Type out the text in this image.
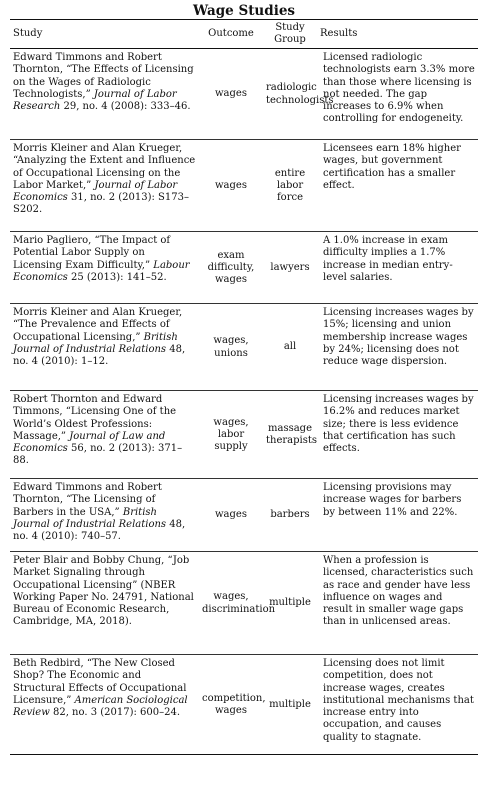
Wage Studies
Study	Outcome	Study Group	Results
Edward Timmons and Robert Thornton, “The Effects of Licensing on the Wages of Radiologic Technologists,” Journal of Labor Research 29, no. 4 (2008): 333–46.	wages	radiologic technologists	Licensed radiologic technologists earn 3.3% more than those where licensing is not needed. The gap increases to 6.9% when controlling for endogeneity.
Morris Kleiner and Alan Krueger, “Analyzing the Extent and Influence of Occupational Licensing on the Labor Market,” Journal of Labor Economics 31, no. 2 (2013): S173–S202.	wages	entire labor force	Licensees earn 18% higher wages, but government certification has a smaller effect.
Mario Pagliero, “The Impact of Potential Labor Supply on Licensing Exam Difficulty,” Labour Economics 25 (2013): 141–52.	exam difficulty, wages	lawyers	A 1.0% increase in exam difficulty implies a 1.7% increase in median entry-level salaries.
Morris Kleiner and Alan Krueger, “The Prevalence and Effects of Occupational Licensing,” British Journal of Industrial Relations 48, no. 4 (2010): 1–12.	wages, unions	all	Licensing increases wages by 15%; licensing and union membership increase wages by 24%; licensing does not reduce wage dispersion.
Robert Thornton and Edward Timmons, “Licensing One of the World’s Oldest Professions: Massage,” Journal of Law and Economics 56, no. 2 (2013): 371–88.	wages, labor supply	massage therapists	Licensing increases wages by 16.2% and reduces market size; there is less evidence that certification has such effects.
Edward Timmons and Robert Thornton, “The Licensing of Barbers in the USA,” British Journal of Industrial Relations 48, no. 4 (2010): 740–57.	wages	barbers	Licensing provisions may increase wages for barbers by between 11% and 22%.
Peter Blair and Bobby Chung, “Job Market Signaling through Occupational Licensing” (NBER Working Paper No. 24791, National Bureau of Economic Research, Cambridge, MA, 2018).	wages, discrimination	multiple	When a profession is licensed, characteristics such as race and gender have less influence on wages and result in smaller wage gaps than in unlicensed areas.
Beth Redbird, “The New Closed Shop? The Economic and Structural Effects of Occupational Licensure,” American Sociological Review 82, no. 3 (2017): 600–24.	competition, wages	multiple	Licensing does not limit competition, does not increase wages, creates institutional mechanisms that increase entry into occupation, and causes quality to stagnate.
